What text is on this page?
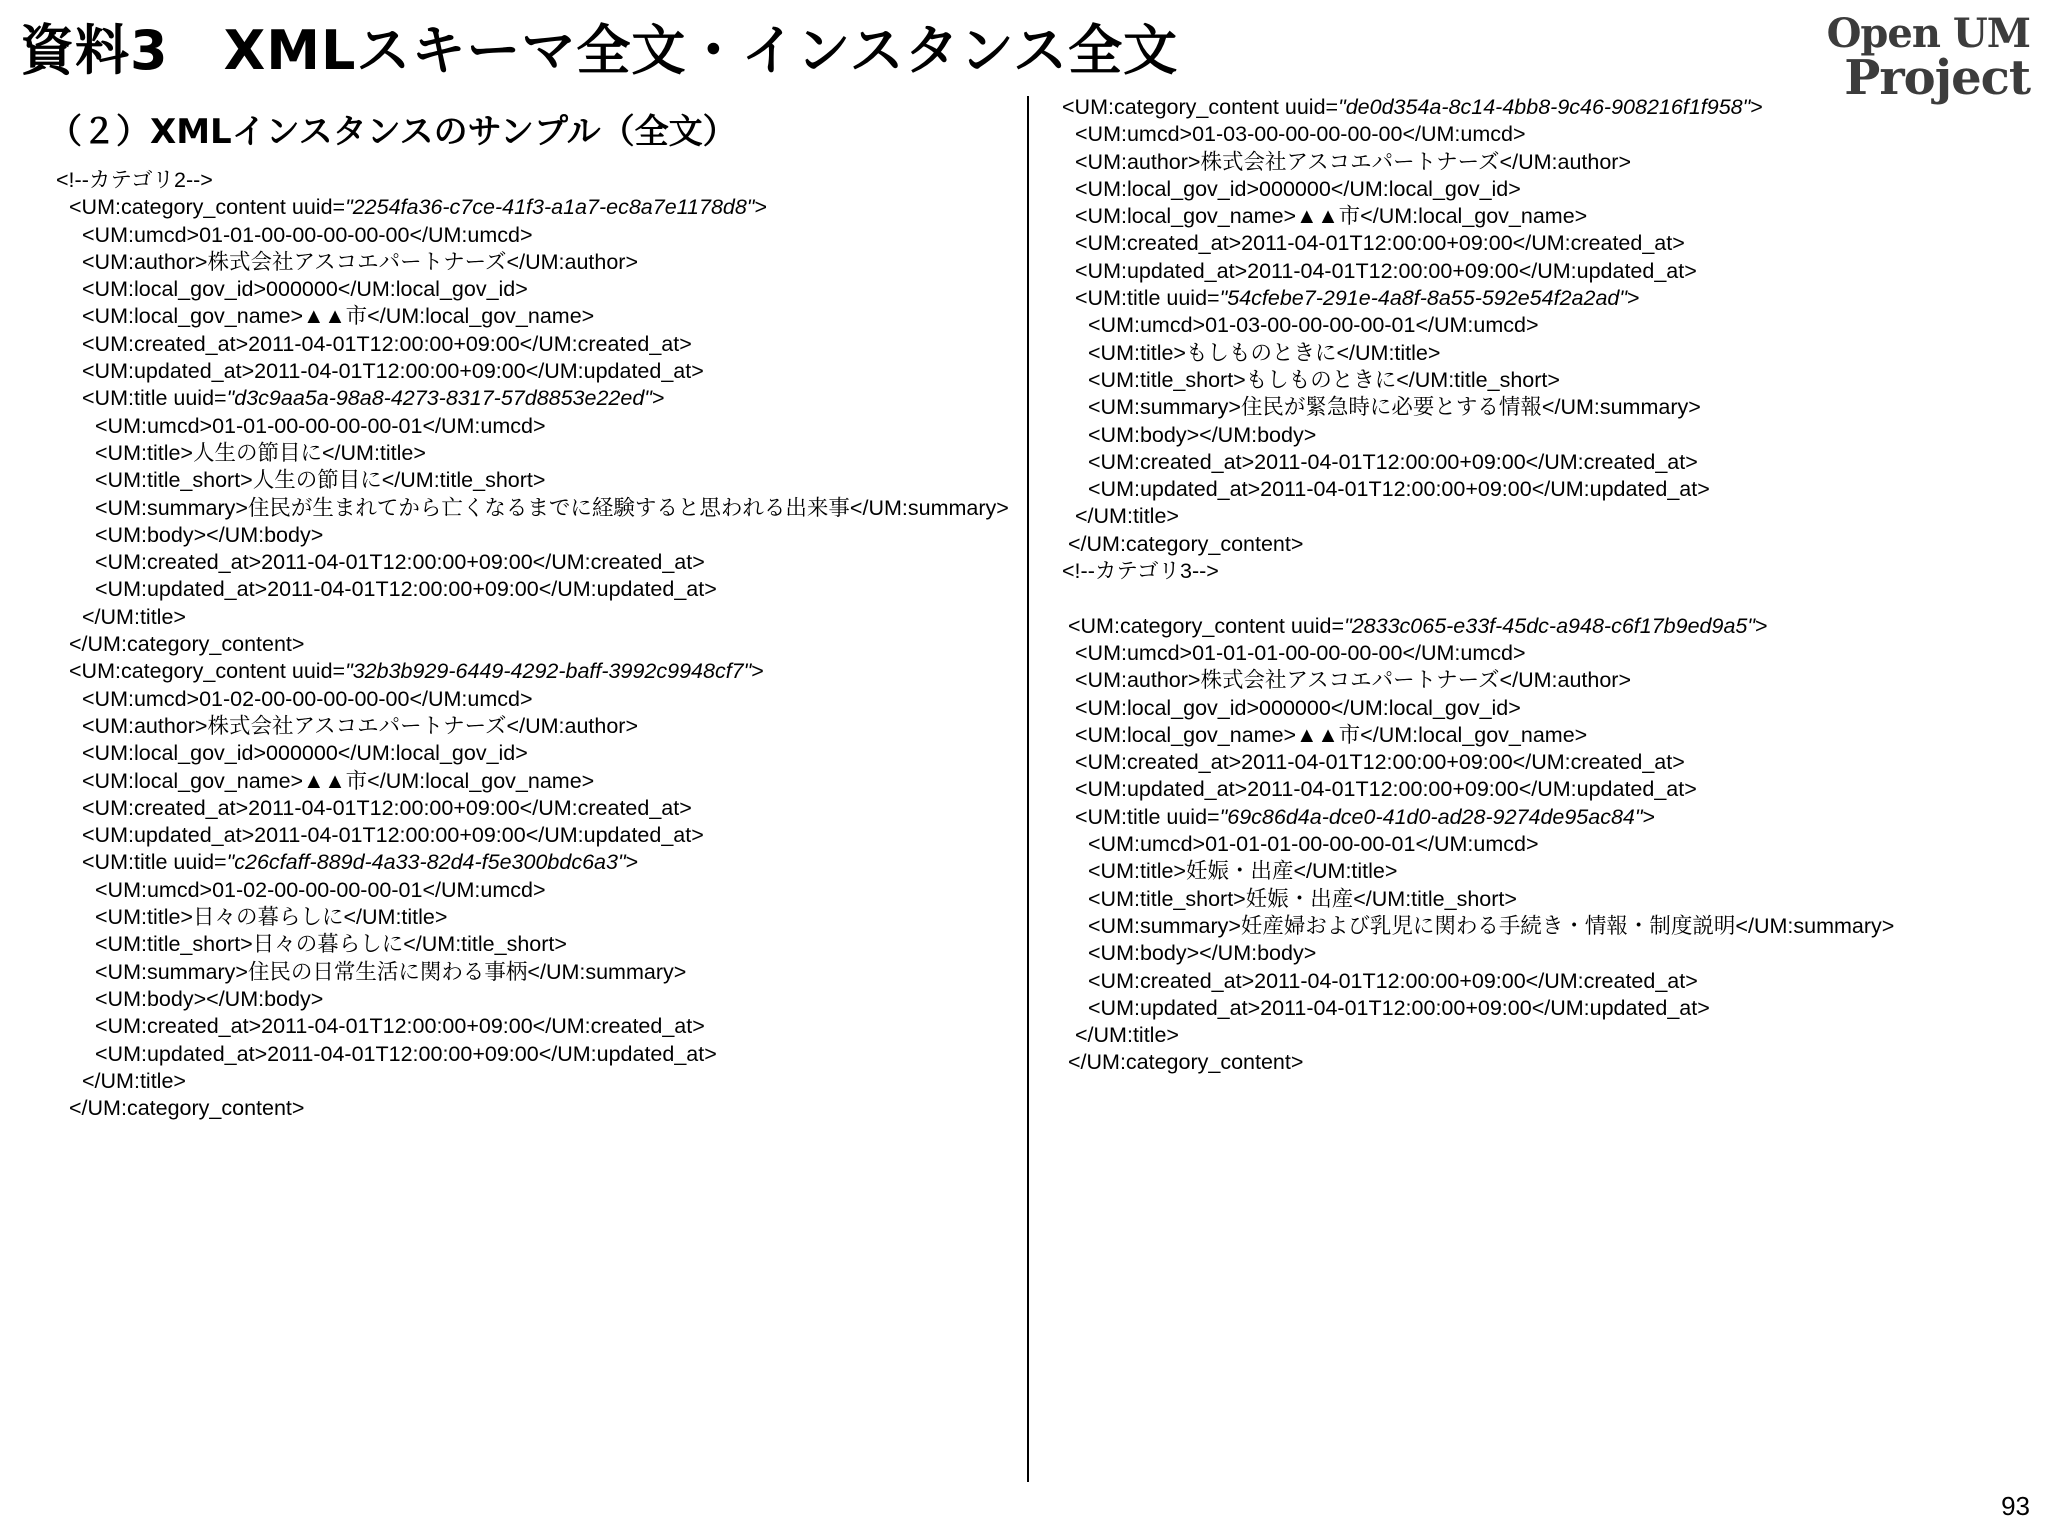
資料3　XMLスキーマ全文・インスタンス全文	Open UM
Project
（２）XMLインスタンスのサンプル（全文）
<!--カテゴリ2-->
<UM:category_content uuid="2254fa36-c7ce-41f3-a1a7-ec8a7e1178d8">
<UM:umcd>01-01-00-00-00-00-00</UM:umcd>
<UM:author>株式会社アスコエパートナーズ</UM:author>
<UM:local_gov_id>000000</UM:local_gov_id>
<UM:local_gov_name>▲▲市</UM:local_gov_name>
<UM:created_at>2011-04-01T12:00:00+09:00</UM:created_at>
<UM:updated_at>2011-04-01T12:00:00+09:00</UM:updated_at>
<UM:title uuid="d3c9aa5a-98a8-4273-8317-57d8853e22ed">
<UM:umcd>01-01-00-00-00-00-01</UM:umcd>
<UM:title>人生の節目に</UM:title>
<UM:title_short>人生の節目に</UM:title_short>
<UM:summary>住民が生まれてから亡くなるまでに経験すると思われる出来事</UM:summary>
<UM:body></UM:body>
<UM:created_at>2011-04-01T12:00:00+09:00</UM:created_at>
<UM:updated_at>2011-04-01T12:00:00+09:00</UM:updated_at>
</UM:title>
</UM:category_content>
<UM:category_content uuid="32b3b929-6449-4292-baff-3992c9948cf7">
<UM:umcd>01-02-00-00-00-00-00</UM:umcd>
<UM:author>株式会社アスコエパートナーズ</UM:author>
<UM:local_gov_id>000000</UM:local_gov_id>
<UM:local_gov_name>▲▲市</UM:local_gov_name>
<UM:created_at>2011-04-01T12:00:00+09:00</UM:created_at>
<UM:updated_at>2011-04-01T12:00:00+09:00</UM:updated_at>
<UM:title uuid="c26cfaff-889d-4a33-82d4-f5e300bdc6a3">
<UM:umcd>01-02-00-00-00-00-01</UM:umcd>
<UM:title>日々の暮らしに</UM:title>
<UM:title_short>日々の暮らしに</UM:title_short>
<UM:summary>住民の日常生活に関わる事柄</UM:summary>
<UM:body></UM:body>
<UM:created_at>2011-04-01T12:00:00+09:00</UM:created_at>
<UM:updated_at>2011-04-01T12:00:00+09:00</UM:updated_at>
</UM:title>
</UM:category_content>
<UM:category_content uuid="de0d354a-8c14-4bb8-9c46-908216f1f958">
<UM:umcd>01-03-00-00-00-00-00</UM:umcd>
<UM:author>株式会社アスコエパートナーズ</UM:author>
<UM:local_gov_id>000000</UM:local_gov_id>
<UM:local_gov_name>▲▲市</UM:local_gov_name>
<UM:created_at>2011-04-01T12:00:00+09:00</UM:created_at>
<UM:updated_at>2011-04-01T12:00:00+09:00</UM:updated_at>
<UM:title uuid="54cfebe7-291e-4a8f-8a55-592e54f2a2ad">
<UM:umcd>01-03-00-00-00-00-01</UM:umcd>
<UM:title>もしものときに</UM:title>
<UM:title_short>もしものときに</UM:title_short>
<UM:summary>住民が緊急時に必要とする情報</UM:summary>
<UM:body></UM:body>
<UM:created_at>2011-04-01T12:00:00+09:00</UM:created_at>
<UM:updated_at>2011-04-01T12:00:00+09:00</UM:updated_at>
</UM:title>
</UM:category_content>
<!--カテゴリ3-->
<UM:category_content uuid="2833c065-e33f-45dc-a948-c6f17b9ed9a5">
<UM:umcd>01-01-01-00-00-00-00</UM:umcd>
<UM:author>株式会社アスコエパートナーズ</UM:author>
<UM:local_gov_id>000000</UM:local_gov_id>
<UM:local_gov_name>▲▲市</UM:local_gov_name>
<UM:created_at>2011-04-01T12:00:00+09:00</UM:created_at>
<UM:updated_at>2011-04-01T12:00:00+09:00</UM:updated_at>
<UM:title uuid="69c86d4a-dce0-41d0-ad28-9274de95ac84">
<UM:umcd>01-01-01-00-00-00-01</UM:umcd>
<UM:title>妊娠・出産</UM:title>
<UM:title_short>妊娠・出産</UM:title_short>
<UM:summary>妊産婦および乳児に関わる手続き・情報・制度説明</UM:summary>
<UM:body></UM:body>
<UM:created_at>2011-04-01T12:00:00+09:00</UM:created_at>
<UM:updated_at>2011-04-01T12:00:00+09:00</UM:updated_at>
</UM:title>
</UM:category_content>
93
